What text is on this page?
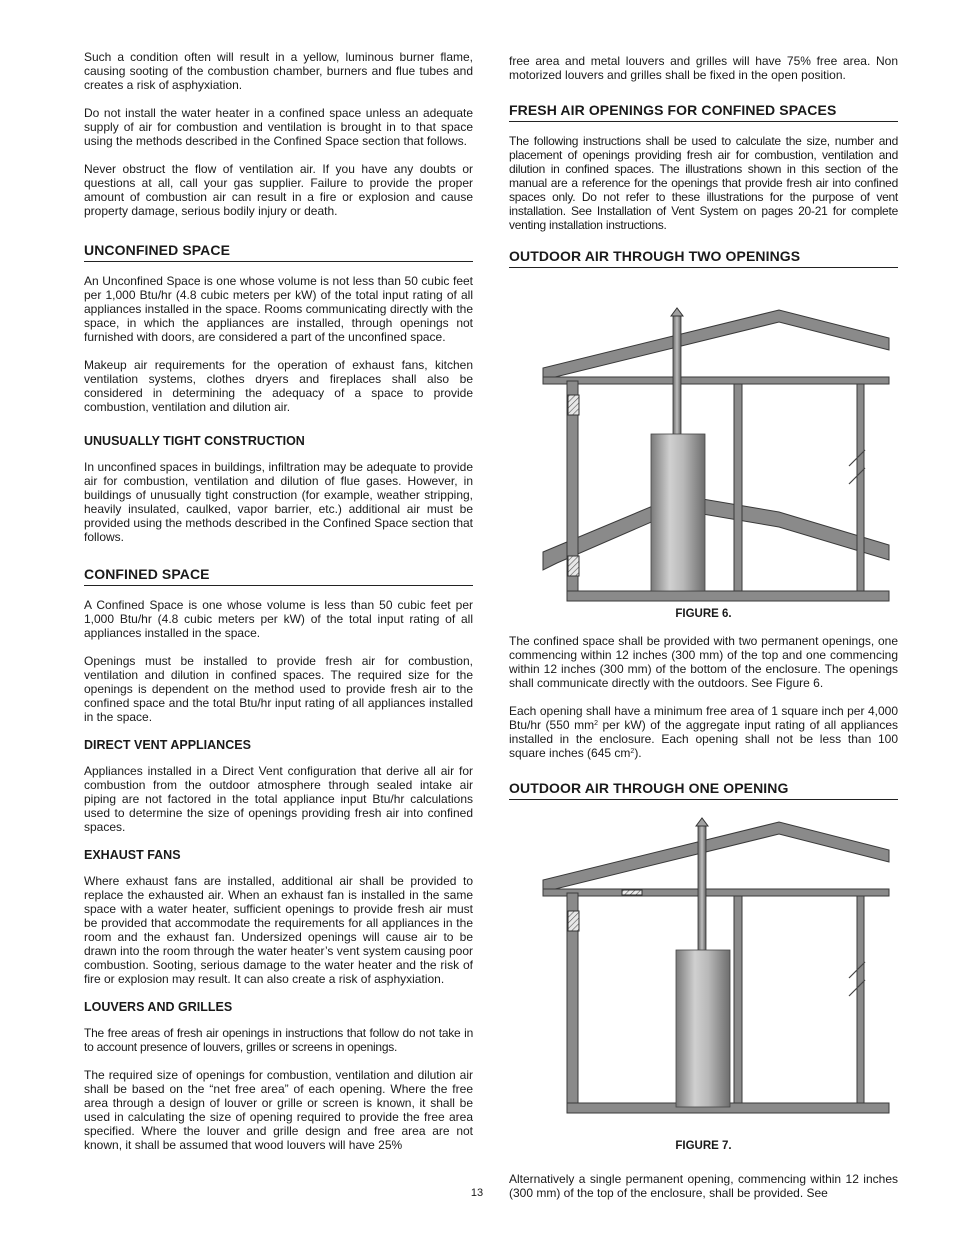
Such a condition often will result in a yellow, luminous burner flame, causing sooting of the combustion chamber, burners and flue tubes and creates a risk of asphyxiation.

Do not install the water heater in a confined space unless an adequate supply of air for combustion and ventilation is brought in to that space using the methods described in the Confined Space section that follows.

Never obstruct the flow of ventilation air. If you have any doubts or questions at all, call your gas supplier. Failure to provide the proper amount of combustion air can result in a fire or explosion and cause property damage, serious bodily injury or death.

UNCONFINED SPACE

An Unconfined Space is one whose volume is not less than 50 cubic feet per 1,000 Btu/hr (4.8 cubic meters per kW) of the total input rating of all appliances installed in the space. Rooms communicating directly with the space, in which the appliances are installed, through openings not furnished with doors, are considered a part of the unconfined space.

Makeup air requirements for the operation of exhaust fans, kitchen ventilation systems, clothes dryers and fireplaces shall also be considered in determining the adequacy of a space to provide combustion, ventilation and dilution air.

UNUSUALLY TIGHT CONSTRUCTION

In unconfined spaces in buildings, infiltration may be adequate to provide air for combustion, ventilation and dilution of flue gases. However, in buildings of unusually tight construction (for example, weather stripping, heavily insulated, caulked, vapor barrier, etc.) additional air must be provided using the methods described in the Confined Space section that follows.

CONFINED SPACE

A Confined Space is one whose volume is less than 50 cubic feet per 1,000 Btu/hr (4.8 cubic meters per kW) of the total input rating of all appliances installed in the space.

Openings must be installed to provide fresh air for combustion, ventilation and dilution in confined spaces. The required size for the openings is dependent on the method used to provide fresh air to the confined space and the total Btu/hr input rating of all appliances installed in the space.

DIRECT VENT APPLIANCES

Appliances installed in a Direct Vent configuration that derive all air for combustion from the outdoor atmosphere through sealed intake air piping are not factored in the total appliance input Btu/hr calculations used to determine the size of openings providing fresh air into confined spaces.

EXHAUST FANS

Where exhaust fans are installed, additional air shall be provided to replace the exhausted air. When an exhaust fan is installed in the same space with a water heater, sufficient openings to provide fresh air must be provided that accommodate the requirements for all appliances in the room and the exhaust fan. Undersized openings will cause air to be drawn into the room through the water heater’s vent system causing poor combustion. Sooting, serious damage to the water heater and the risk of fire or explosion may result. It can also create a risk of asphyxiation.

LOUVERS AND GRILLES

The free areas of fresh air openings in instructions that follow do not take in to account presence of louvers, grilles or screens in openings.

The required size of openings for combustion, ventilation and dilution air shall be based on the “net free area” of each opening. Where the free area through a design of louver or grille or screen is known, it shall be used in calculating the size of opening required to provide the free area specified. Where the louver and grille design and free area are not known, it shall be assumed that wood louvers will have 25%

free area and metal louvers and grilles will have 75% free area. Non motorized louvers and grilles shall be fixed in the open position.

FRESH AIR OPENINGS FOR CONFINED SPACES

The following instructions shall be used to calculate the size, number and placement of openings providing fresh air for combustion, ventilation and dilution in confined spaces. The illustrations shown in this section of the manual are a reference for the openings that provide fresh air into confined spaces only. Do not refer to these illustrations for the purpose of vent installation. See Installation of Vent System on pages 20-21 for complete venting installation instructions.

OUTDOOR AIR THROUGH TWO OPENINGS
FIGURE 6.

The confined space shall be provided with two permanent openings, one commencing within 12 inches (300 mm) of the top and one commencing within 12 inches (300 mm) of the bottom of the enclosure. The openings shall communicate directly with the outdoors. See Figure 6.

Each opening shall have a minimum free area of 1 square inch per 4,000 Btu/hr (550 $mm^2$ per kW) of the aggregate input rating of all appliances installed in the enclosure. Each opening shall not be less than 100 square inches (645 $cm^2$).

OUTDOOR AIR THROUGH ONE OPENING
FIGURE 7.

Alternatively a single permanent opening, commencing within 12 inches (300 mm) of the top of the enclosure, shall be provided. See

13
